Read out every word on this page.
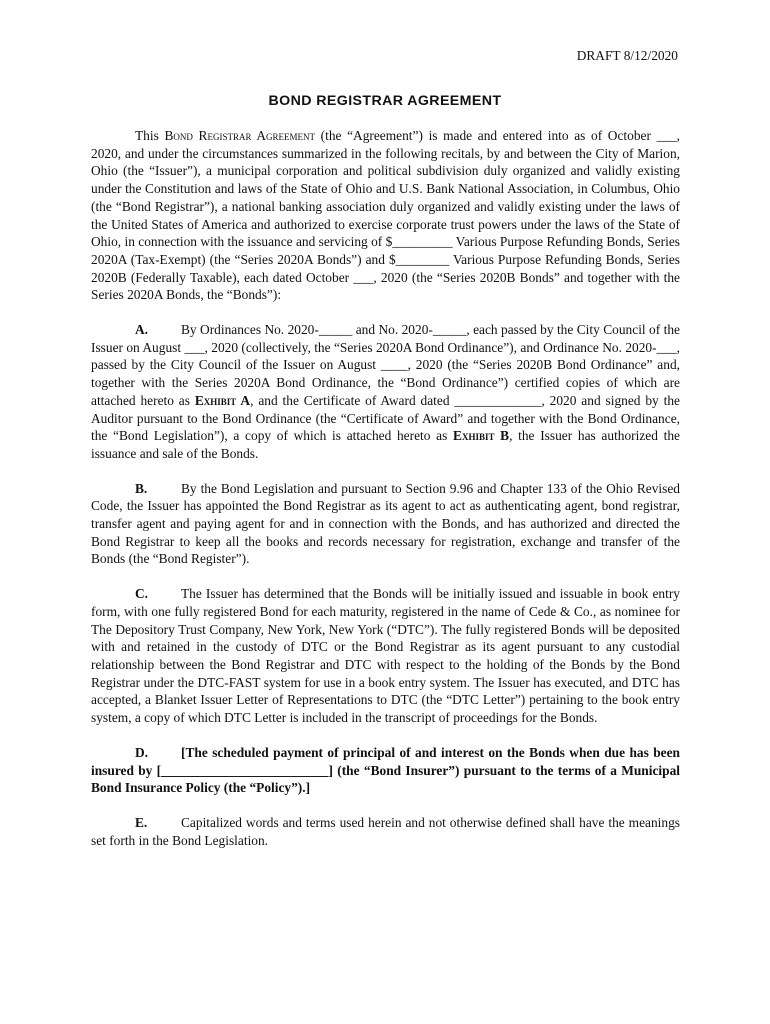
DRAFT 8/12/2020
BOND REGISTRAR AGREEMENT

This Bond Registrar Agreement (the “Agreement”) is made and entered into as of October ___, 2020, and under the circumstances summarized in the following recitals, by and between the City of Marion, Ohio (the “Issuer”), a municipal corporation and political subdivision duly organized and validly existing under the Constitution and laws of the State of Ohio and U.S. Bank National Association, in Columbus, Ohio (the “Bond Registrar”), a national banking association duly organized and validly existing under the laws of the United States of America and authorized to exercise corporate trust powers under the laws of the State of Ohio, in connection with the issuance and servicing of $_________ Various Purpose Refunding Bonds, Series 2020A (Tax-Exempt) (the “Series 2020A Bonds”) and $________ Various Purpose Refunding Bonds, Series 2020B (Federally Taxable), each dated October ___, 2020 (the “Series 2020B Bonds” and together with the Series 2020A Bonds, the “Bonds”):

A. By Ordinances No. 2020-_____ and No. 2020-_____, each passed by the City Council of the Issuer on August ___, 2020 (collectively, the “Series 2020A Bond Ordinance”), and Ordinance No. 2020-___, passed by the City Council of the Issuer on August ____, 2020 (the “Series 2020B Bond Ordinance” and, together with the Series 2020A Bond Ordinance, the “Bond Ordinance”) certified copies of which are attached hereto as Exhibit A, and the Certificate of Award dated _____________, 2020 and signed by the Auditor pursuant to the Bond Ordinance (the “Certificate of Award” and together with the Bond Ordinance, the “Bond Legislation”), a copy of which is attached hereto as Exhibit B, the Issuer has authorized the issuance and sale of the Bonds.

B.	By the Bond Legislation and pursuant to Section 9.96 and Chapter 133 of the Ohio Revised Code, the Issuer has appointed the Bond Registrar as its agent to act as authenticating agent, bond registrar, transfer agent and paying agent for and in connection with the Bonds, and has authorized and directed the Bond Registrar to keep all the books and records necessary for registration, exchange and transfer of the Bonds (the “Bond Register”).

C. The Issuer has determined that the Bonds will be initially issued and issuable in book entry form, with one fully registered Bond for each maturity, registered in the name of Cede & Co., as nominee for The Depository Trust Company, New York, New York (“DTC”). The fully registered Bonds will be deposited with and retained in the custody of DTC or the Bond Registrar as its agent pursuant to any custodial relationship between the Bond Registrar and DTC with respect to the holding of the Bonds by the Bond Registrar under the DTC-FAST system for use in a book entry system. The Issuer has executed, and DTC has accepted, a Blanket Issuer Letter of Representations to DTC (the “DTC Letter”) pertaining to the book entry system, a copy of which DTC Letter is included in the transcript of proceedings for the Bonds.

D. [The scheduled payment of principal of and interest on the Bonds when due has been insured by [_________________________] (the “Bond Insurer”) pursuant to the terms of a Municipal Bond Insurance Policy (the “Policy”).]

E.	Capitalized words and terms used herein and not otherwise defined shall have the meanings set forth in the Bond Legislation.
